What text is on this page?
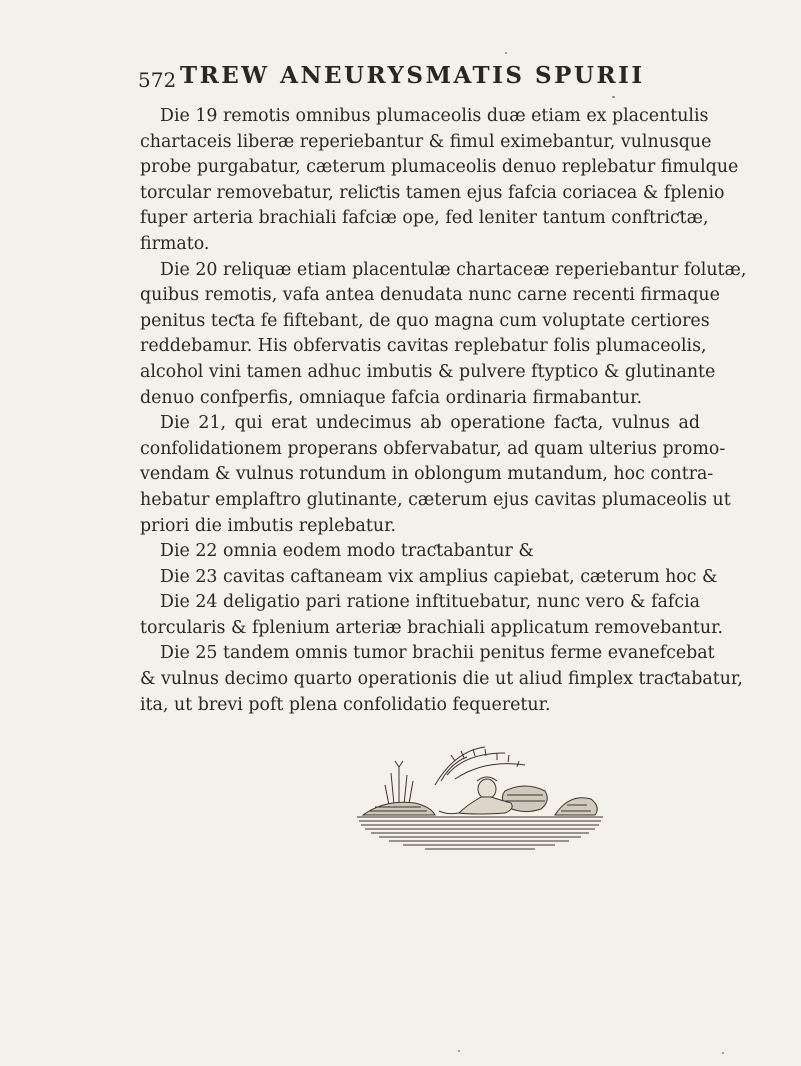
572 TREW ANEURYSMATIS SPURII
Die 19 remotis omnibus plumaceolis duæ etiam ex placentulis
chartaceis liberæ reperiebantur & fimul eximebantur, vulnusque
probe purgabatur, cæterum plumaceolis denuo replebatur fimulque
torcular removebatur, reliƈtis tamen ejus fafcia coriacea & fplenio
fuper arteria brachiali fafciæ ope, fed leniter tantum conftriƈtæ,
firmato.
Die 20 reliquæ etiam placentulæ chartaceæ reperiebantur folutæ,
quibus remotis, vafa antea denudata nunc carne recenti firmaque
penitus teƈta fe fiftebant, de quo magna cum voluptate certiores
reddebamur. His obfervatis cavitas replebatur folis plumaceolis,
alcohol vini tamen adhuc imbutis & pulvere ftyptico & glutinante
denuo confperfis, omniaque fafcia ordinaria firmabantur.
Die 21, qui erat undecimus ab operatione faƈta, vulnus ad
confolidationem properans obfervabatur, ad quam ulterius promo-
vendam & vulnus rotundum in oblongum mutandum, hoc contra-
hebatur emplaftro glutinante, cæterum ejus cavitas plumaceolis ut
priori die imbutis replebatur.
Die 22 omnia eodem modo traƈtabantur &
Die 23 cavitas caftaneam vix amplius capiebat, cæterum hoc &
Die 24 deligatio pari ratione inftituebatur, nunc vero & fafcia
torcularis & fplenium arteriæ brachiali applicatum removebantur.
Die 25 tandem omnis tumor brachii penitus ferme evanefcebat
& vulnus decimo quarto operationis die ut aliud fimplex traƈtabatur,
ita, ut brevi poft plena confolidatio fequeretur.
